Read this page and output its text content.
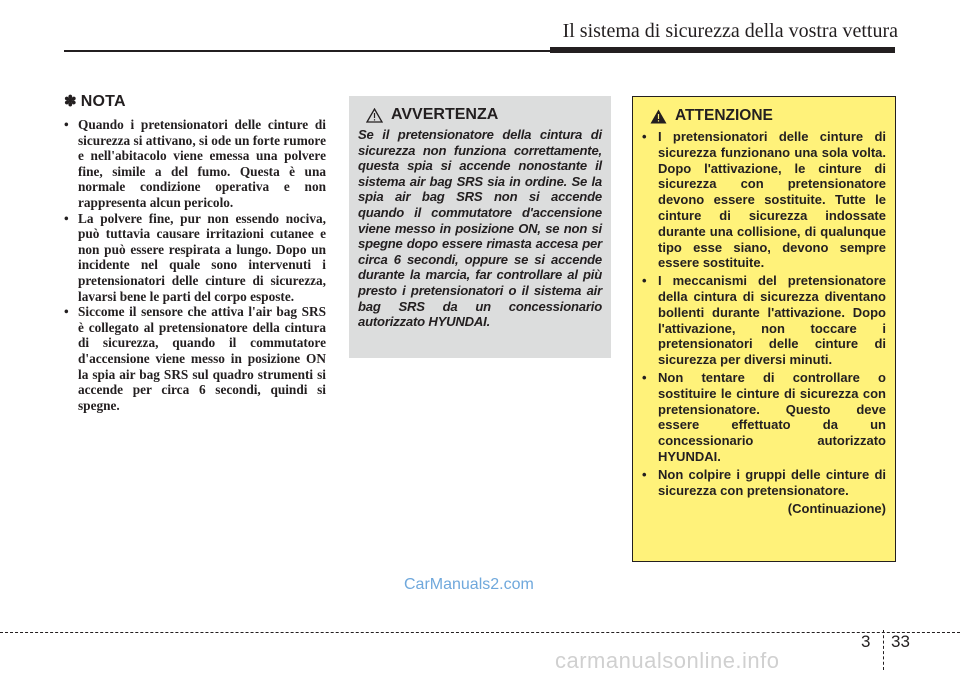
Il sistema di sicurezza della vostra vettura
✽ NOTA
• Quando i pretensionatori delle cinture di sicurezza si attivano, si ode un forte rumore e nell'abitacolo viene emessa una polvere fine, simile a del fumo. Questa è una normale condizione operativa e non rappresenta alcun pericolo.
• La polvere fine, pur non essendo nociva, può tuttavia causare irritazioni cutanee e non può essere respirata a lungo. Dopo un incidente nel quale sono intervenuti i pretensionatori delle cinture di sicurezza, lavarsi bene le parti del corpo esposte.
• Siccome il sensore che attiva l'air bag SRS è collegato al pretensionatore della cintura di sicurezza, quando il commutatore d'accensione viene messo in posizione ON la spia air bag SRS sul quadro strumenti si accende per circa 6 secondi, quindi si spegne.
AVVERTENZA
Se il pretensionatore della cintura di sicurezza non funziona correttamente, questa spia si accende nonostante il sistema air bag SRS sia in ordine. Se la spia air bag SRS non si accende quando il commutatore d'accensione viene messo in posizione ON, se non si spegne dopo essere rimasta accesa per circa 6 secondi, oppure se si accende durante la marcia, far controllare al più presto i pretensionatori o il sistema air bag SRS da un concessionario autorizzato HYUNDAI.
ATTENZIONE
• I pretensionatori delle cinture di sicurezza funzionano una sola volta. Dopo l'attivazione, le cinture di sicurezza con pretensionatore devono essere sostituite. Tutte le cinture di sicurezza indossate durante una collisione, di qualunque tipo esse siano, devono sempre essere sostituite.
• I meccanismi del pretensionatore della cintura di sicurezza diventano bollenti durante l'attivazione. Dopo l'attivazione, non toccare i pretensionatori delle cinture di sicurezza per diversi minuti.
• Non tentare di controllare o sostituire le cinture di sicurezza con pretensionatore. Questo deve essere effettuato da un concessionario autorizzato HYUNDAI.
• Non colpire i gruppi delle cinture di sicurezza con pretensionatore.
(Continuazione)
CarManuals2.com
3 33
carmanualsonline.info
